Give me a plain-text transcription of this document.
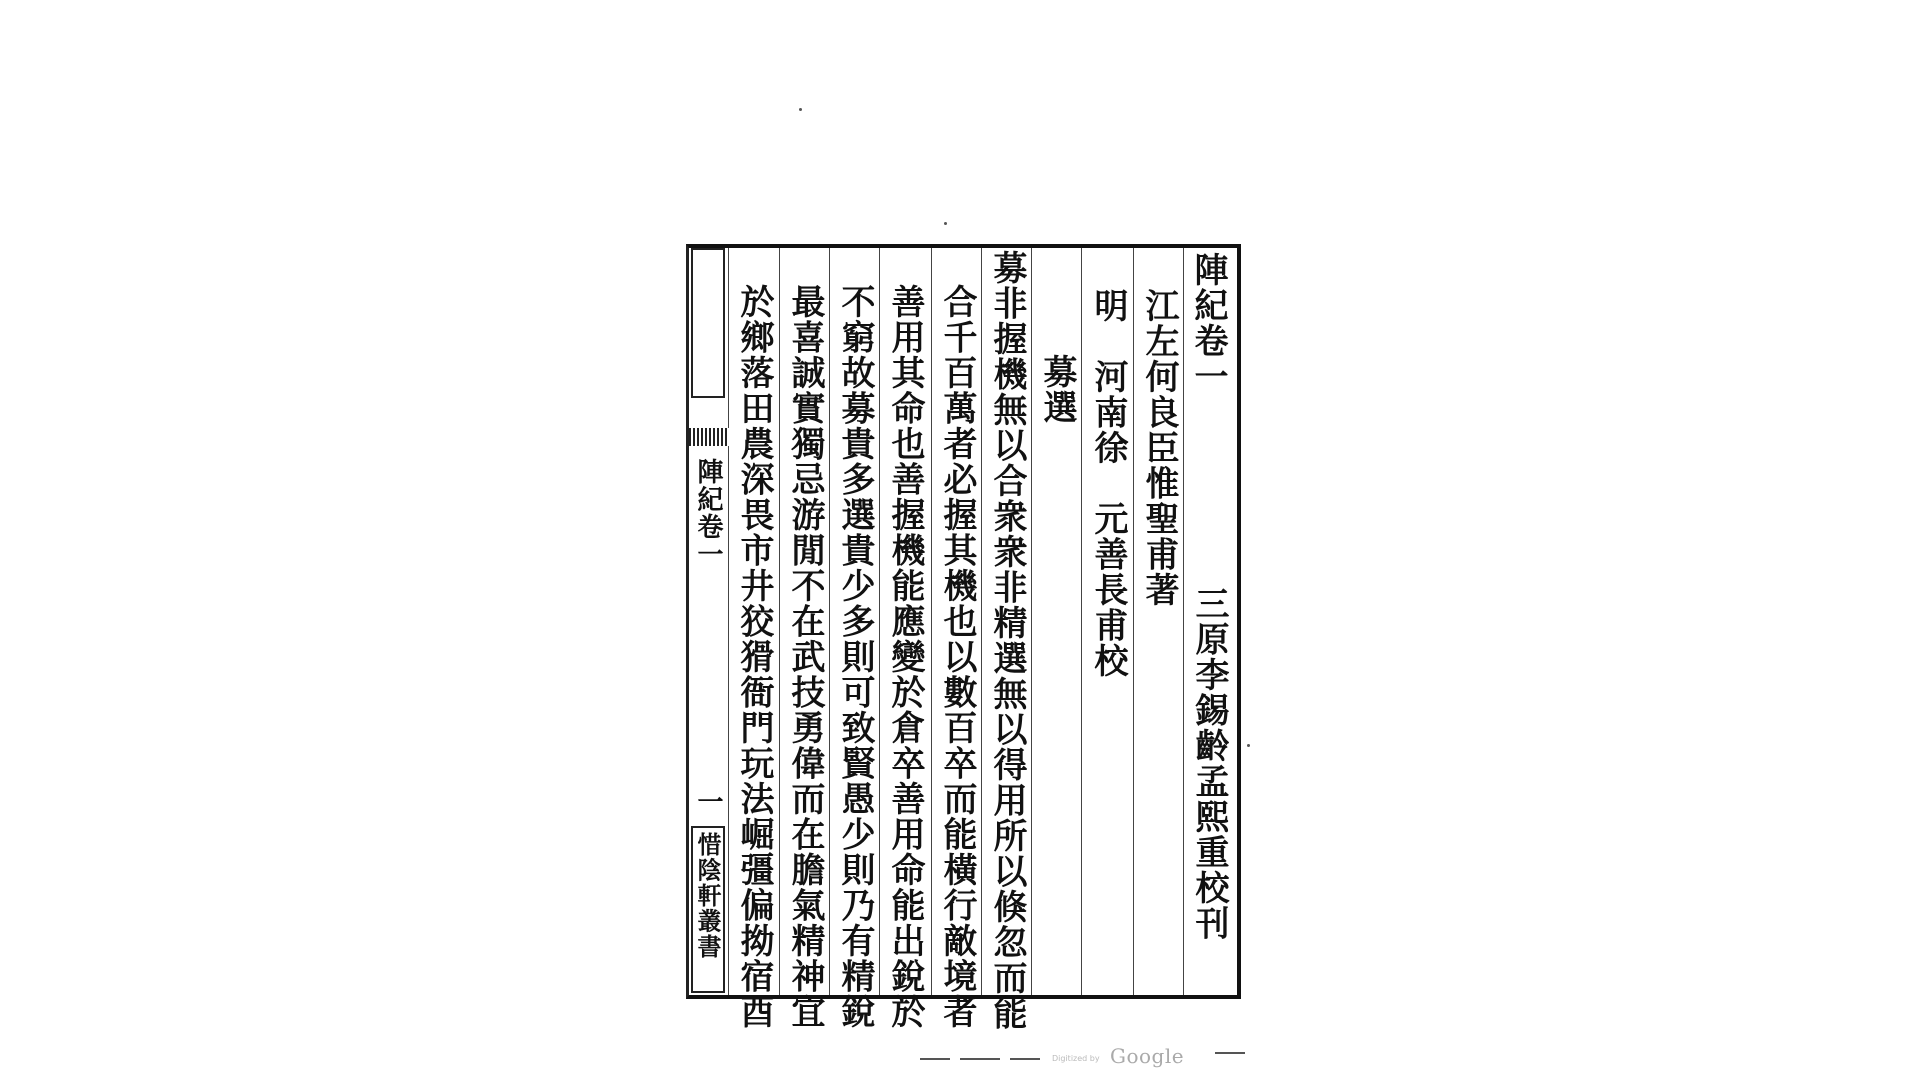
陣紀卷一
一
惜陰軒叢書 於鄉落田農深畏市井狡猾衙門玩法崛彊偏拗宿酉 最喜誠實獨忌游閒不在武技勇偉而在膽氣精神宜 不窮故募貴多選貴少多則可致賢愚少則乃有精銳 善用其命也善握機能應變於倉卒善用命能出銳於 合千百萬者必握其機也以數百卒而能橫行敵境者 募非握機無以合衆衆非精選無以得用所以倏忽而能 募選 明　河南徐　元善長甫校 江左何良臣惟聖甫著
三原李錫齡孟熙重校刊
陣紀卷一
Digitized by Google
